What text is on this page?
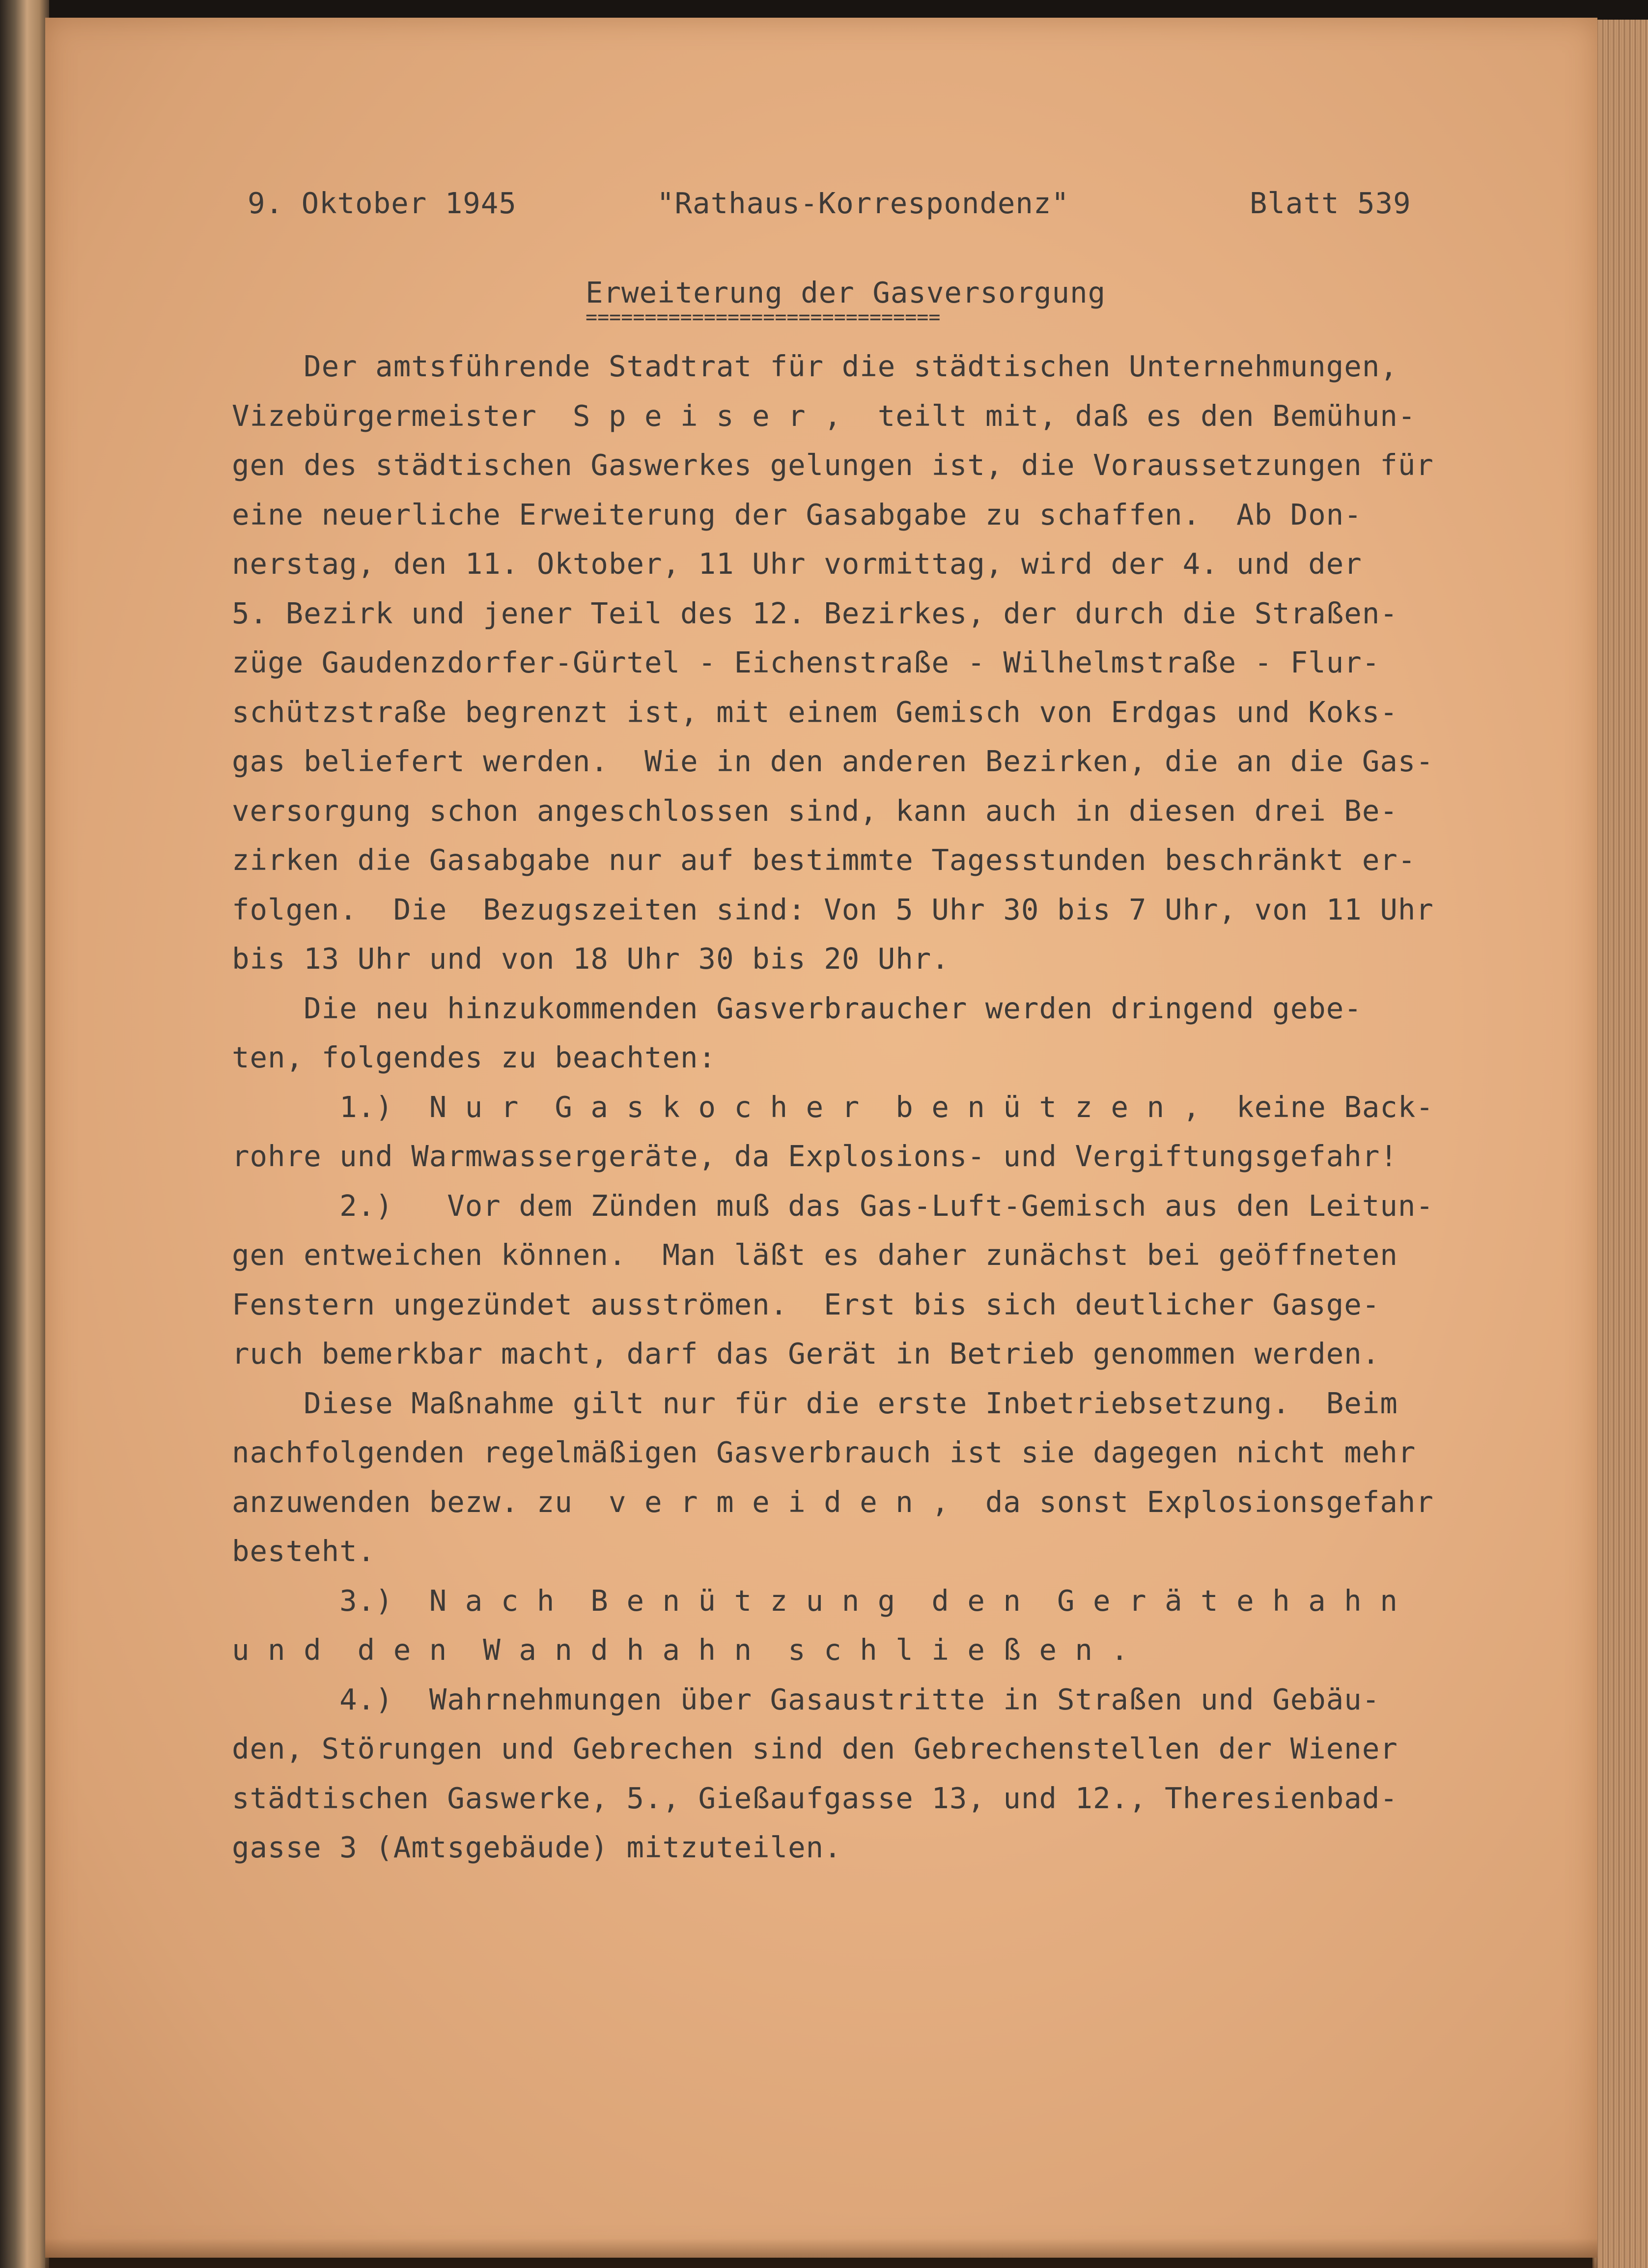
9. Oktober 1945	"Rathaus-Korrespondenz"	Blatt 539
Erweiterung der Gasversorgung
==============================
Der amtsführende Stadtrat für die städtischen Unternehmungen,
Vizebürgermeister  S p e i s e r ,  teilt mit, daß es den Bemühun-
gen des städtischen Gaswerkes gelungen ist, die Voraussetzungen für
eine neuerliche Erweiterung der Gasabgabe zu schaffen.  Ab Don-
nerstag, den 11. Oktober, 11 Uhr vormittag, wird der 4. und der
5. Bezirk und jener Teil des 12. Bezirkes, der durch die Straßen-
züge Gaudenzdorfer-Gürtel - Eichenstraße - Wilhelmstraße - Flur-
schützstraße begrenzt ist, mit einem Gemisch von Erdgas und Koks-
gas beliefert werden.  Wie in den anderen Bezirken, die an die Gas-
versorgung schon angeschlossen sind, kann auch in diesen drei Be-
zirken die Gasabgabe nur auf bestimmte Tagesstunden beschränkt er-
folgen.  Die  Bezugszeiten sind: Von 5 Uhr 30 bis 7 Uhr, von 11 Uhr
bis 13 Uhr und von 18 Uhr 30 bis 20 Uhr.
Die neu hinzukommenden Gasverbraucher werden dringend gebe-
ten, folgendes zu beachten:
1.)  N u r  G a s k o c h e r  b e n ü t z e n ,  keine Back-
rohre und Warmwassergeräte, da Explosions- und Vergiftungsgefahr!
2.)   Vor dem Zünden muß das Gas-Luft-Gemisch aus den Leitun-
gen entweichen können.  Man läßt es daher zunächst bei geöffneten
Fenstern ungezündet ausströmen.  Erst bis sich deutlicher Gasge-
ruch bemerkbar macht, darf das Gerät in Betrieb genommen werden.
Diese Maßnahme gilt nur für die erste Inbetriebsetzung.  Beim
nachfolgenden regelmäßigen Gasverbrauch ist sie dagegen nicht mehr
anzuwenden bezw. zu  v e r m e i d e n ,  da sonst Explosionsgefahr
besteht.
3.)  N a c h  B e n ü t z u n g  d e n  G e r ä t e h a h n
u n d  d e n  W a n d h a h n  s c h l i e ß e n .
4.)  Wahrnehmungen über Gasaustritte in Straßen und Gebäu-
den, Störungen und Gebrechen sind den Gebrechenstellen der Wiener
städtischen Gaswerke, 5., Gießaufgasse 13, und 12., Theresienbad-
gasse 3 (Amtsgebäude) mitzuteilen.
